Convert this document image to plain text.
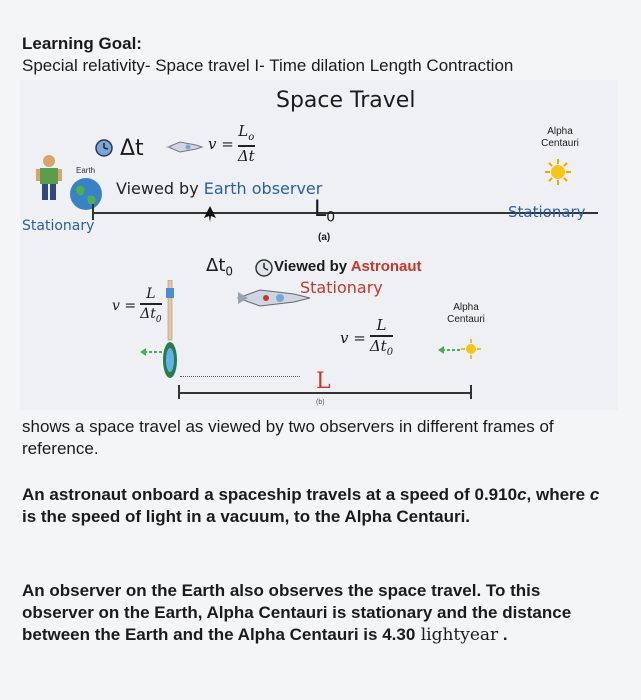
Learning Goal:
Special relativity- Space travel I- Time dilation Length Contraction
Space Travel
Δt	$v = \frac{L_o}{\Delta t}$	Alpha Centauri
Earth
Viewed by Earth observer
Stationary
Stationary
$L_0$
(a)
$\Delta t_0$	Viewed by Astronaut
Stationary
$v = \frac{L}{\Delta t_0}$	Alpha Centauri
$v = \frac{L}{\Delta t_0}$
L
(b)
shows a space travel as viewed by two observers in different frames of reference.
An astronaut onboard a spaceship travels at a speed of 0.910c, where c is the speed of light in a vacuum, to the Alpha Centauri.
An observer on the Earth also observes the space travel. To this observer on the Earth, Alpha Centauri is stationary and the distance between the Earth and the Alpha Centauri is 4.30 lightyear .
